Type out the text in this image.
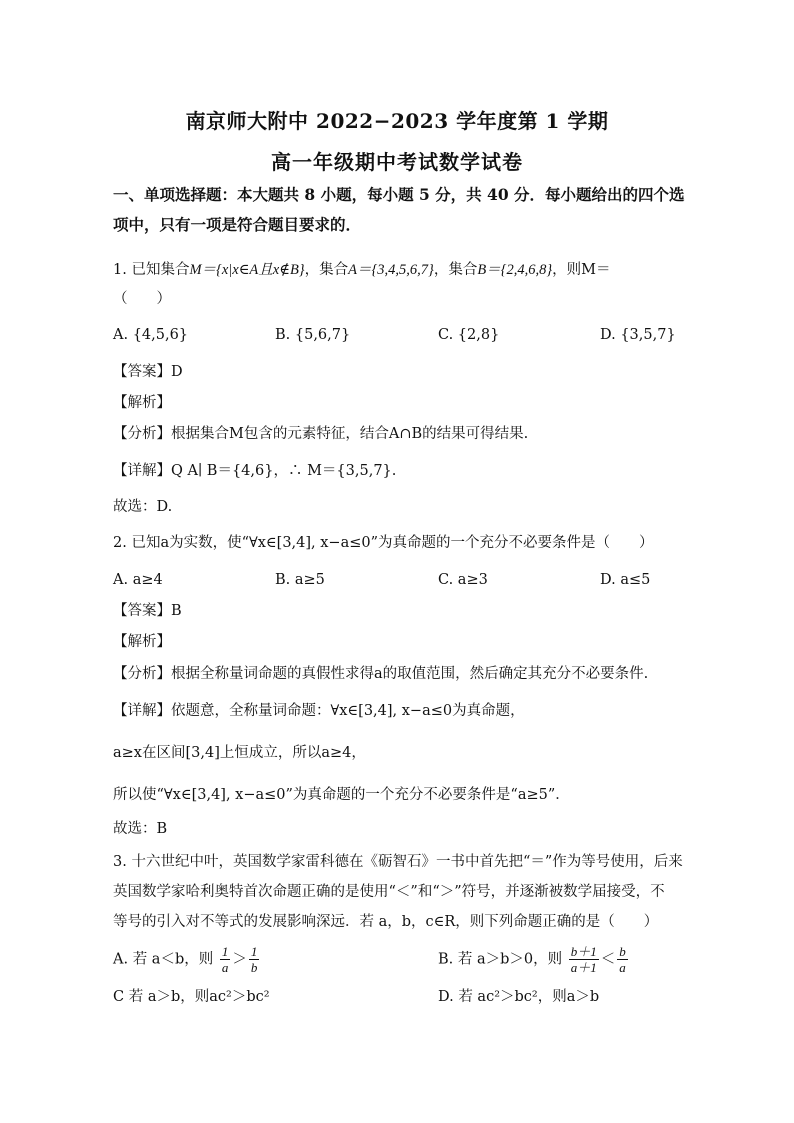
南京师大附中 2022−2023 学年度第 1 学期
高一年级期中考试数学试卷
一、单项选择题：本大题共 8 小题，每小题 5 分，共 40 分．每小题给出的四个选
项中，只有一项是符合题目要求的．
1. 已知集合M＝{x|x∈A且x∉B}，集合A＝{3,4,5,6,7}，集合B＝{2,4,6,8}，则M＝
（　　）
A. {4,5,6}	B. {5,6,7}	C. {2,8}	D. {3,5,7}
【答案】D
【解析】
【分析】根据集合M包含的元素特征，结合A∩B的结果可得结果.
【详解】Q A∣ B＝{4,6}，∴ M＝{3,5,7}.
故选：D.
2. 已知a为实数，使“∀x∈[3,4], x−a≤0”为真命题的一个充分不必要条件是（　　）
A. a≥4	B. a≥5	C. a≥3	D. a≤5
【答案】B
【解析】
【分析】根据全称量词命题的真假性求得a的取值范围，然后确定其充分不必要条件.
【详解】依题意，全称量词命题：∀x∈[3,4], x−a≤0为真命题，
a≥x在区间[3,4]上恒成立，所以a≥4，
所以使“∀x∈[3,4], x−a≤0”为真命题的一个充分不必要条件是“a≥5”．
故选：B
3. 十六世纪中叶，英国数学家雷科德在《砺智石》一书中首先把“＝”作为等号使用，后来
英国数学家哈利奥特首次命题正确的是使用“＜”和“＞”符号，并逐渐被数学届接受，不
等号的引入对不等式的发展影响深远．若 a，b，c∈R，则下列命题正确的是（　　）
A. 若 a＜b，则 $\frac{1}{a} > \frac{1}{b}$	B. 若 a＞b＞0，则 $\frac{b+1}{a+1} < \frac{b}{a}$
C 若 a＞b，则ac²＞bc²	D. 若 ac²＞bc²，则a＞b
